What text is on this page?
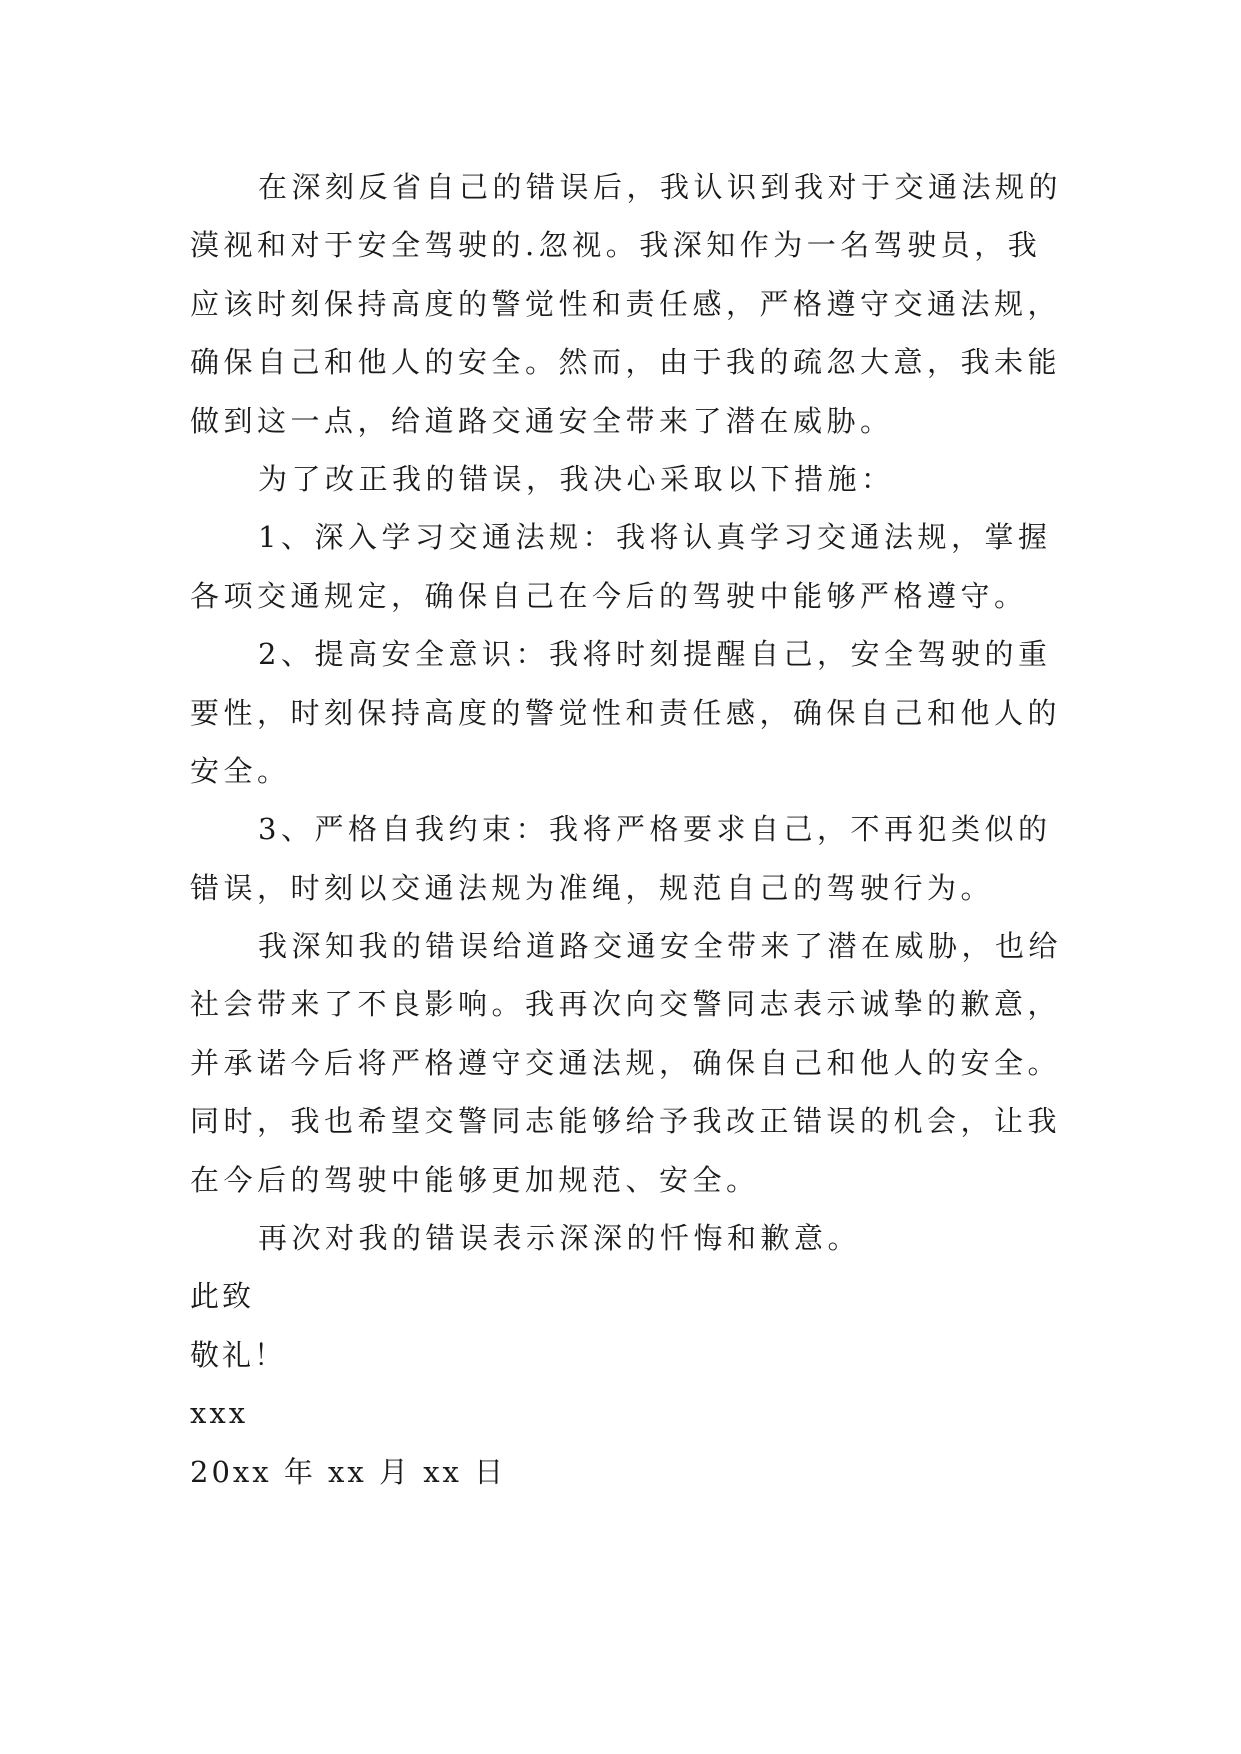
在深刻反省自己的错误后，我认识到我对于交通法规的
漠视和对于安全驾驶的.忽视。我深知作为一名驾驶员，我
应该时刻保持高度的警觉性和责任感，严格遵守交通法规，
确保自己和他人的安全。然而，由于我的疏忽大意，我未能
做到这一点，给道路交通安全带来了潜在威胁。
为了改正我的错误，我决心采取以下措施：
1、深入学习交通法规：我将认真学习交通法规，掌握
各项交通规定，确保自己在今后的驾驶中能够严格遵守。
2、提高安全意识：我将时刻提醒自己，安全驾驶的重
要性，时刻保持高度的警觉性和责任感，确保自己和他人的
安全。
3、严格自我约束：我将严格要求自己，不再犯类似的
错误，时刻以交通法规为准绳，规范自己的驾驶行为。
我深知我的错误给道路交通安全带来了潜在威胁，也给
社会带来了不良影响。我再次向交警同志表示诚挚的歉意，
并承诺今后将严格遵守交通法规，确保自己和他人的安全。
同时，我也希望交警同志能够给予我改正错误的机会，让我
在今后的驾驶中能够更加规范、安全。
再次对我的错误表示深深的忏悔和歉意。
此致
敬礼！
xxx
20xx 年 xx 月 xx 日
